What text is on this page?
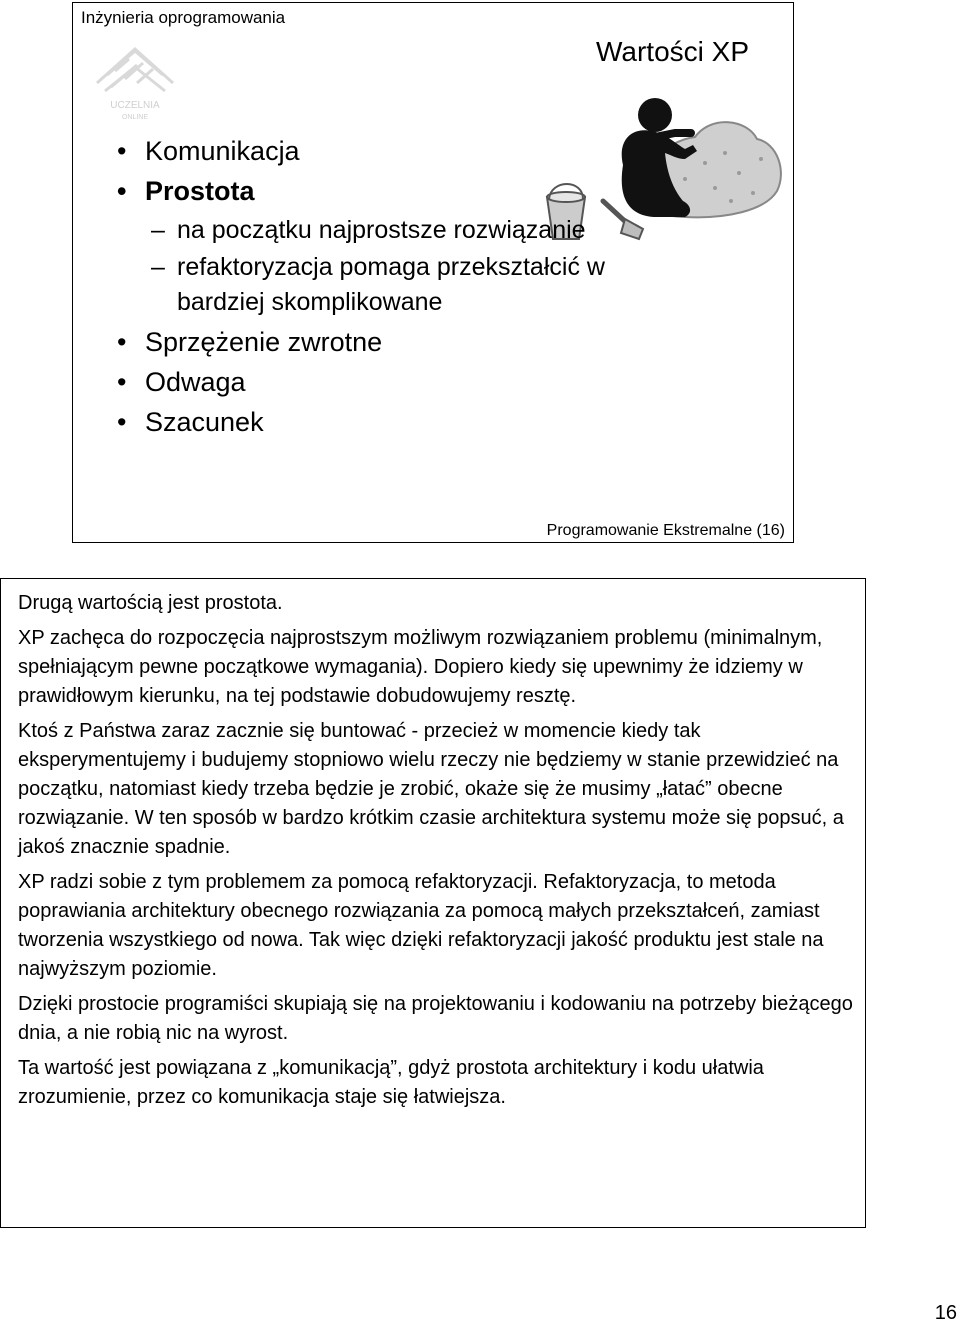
Inżynieria oprogramowania
UCZELNIA
ONLINE
Wartości XP
• Komunikacja
• Prostota
– na początku najprostsze rozwiązanie
– refaktoryzacja pomaga przekształcić w bardziej skomplikowane
• Sprzężenie zwrotne
• Odwaga
• Szacunek
Programowanie Ekstremalne (16)

Drugą wartością jest prostota.

XP zachęca do rozpoczęcia najprostszym możliwym rozwiązaniem problemu (minimalnym, spełniającym pewne początkowe wymagania). Dopiero kiedy się upewnimy że idziemy w prawidłowym kierunku, na tej podstawie dobudowujemy resztę.

Ktoś z Państwa zaraz zacznie się buntować - przecież w momencie kiedy tak eksperymentujemy i budujemy stopniowo wielu rzeczy nie będziemy w stanie przewidzieć na początku, natomiast kiedy trzeba będzie je zrobić, okaże się że musimy „łatać” obecne rozwiązanie. W ten sposób w bardzo krótkim czasie architektura systemu może się popsuć, a jakoś znacznie spadnie.

XP radzi sobie z tym problemem za pomocą refaktoryzacji. Refaktoryzacja, to metoda poprawiania architektury obecnego rozwiązania za pomocą małych przekształceń, zamiast tworzenia wszystkiego od nowa. Tak więc dzięki refaktoryzacji jakość produktu jest stale na najwyższym poziomie.

Dzięki prostocie programiści skupiają się na projektowaniu i kodowaniu na potrzeby bieżącego dnia, a nie robią nic na wyrost.

Ta wartość jest powiązana z „komunikacją”, gdyż prostota architektury i kodu ułatwia zrozumienie, przez co komunikacja staje się łatwiejsza.

16
